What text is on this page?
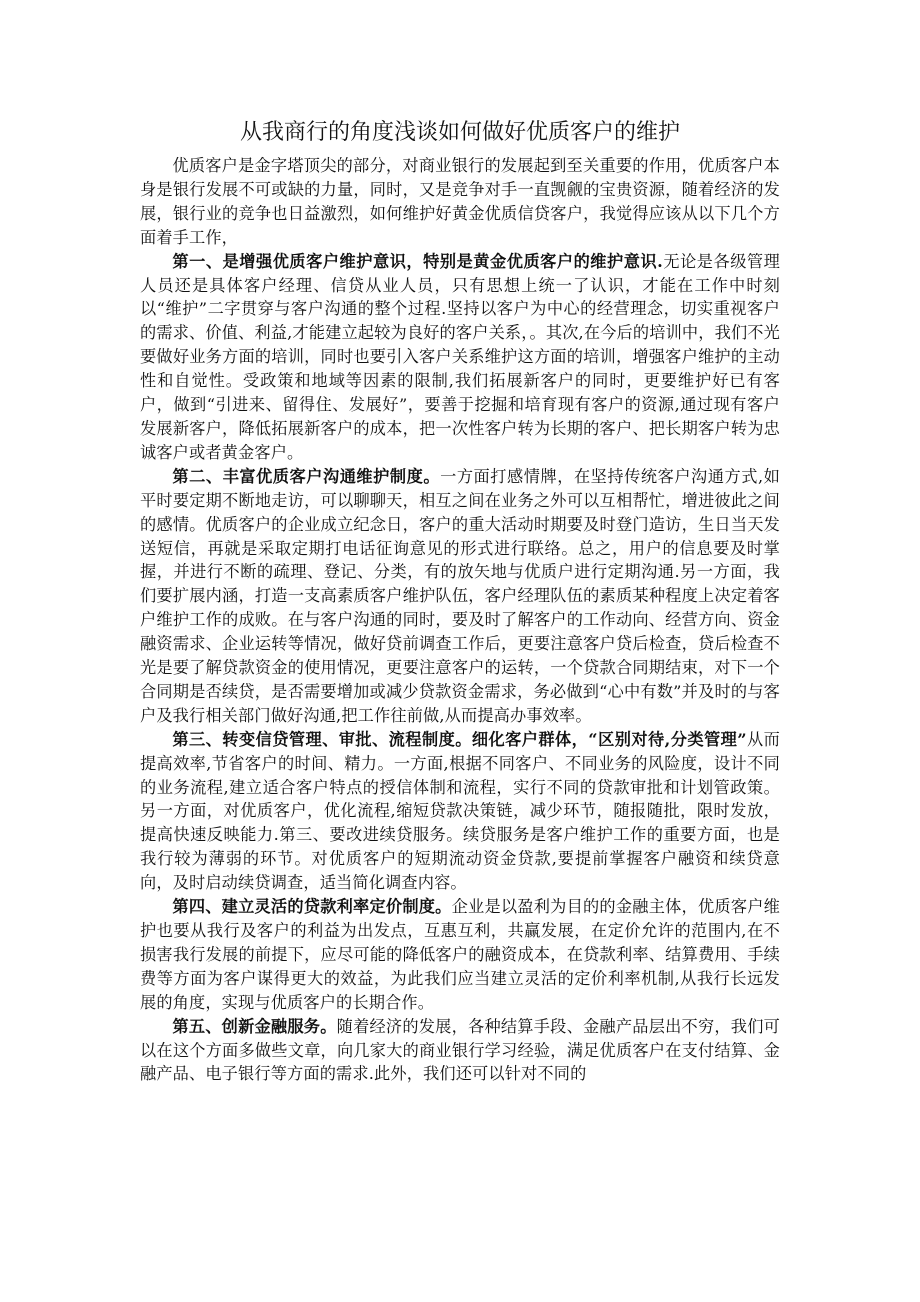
从我商行的角度浅谈如何做好优质客户的维护

优质客户是金字塔顶尖的部分，对商业银行的发展起到至关重要的作用，优质客户本身是银行发展不可或缺的力量，同时，又是竞争对手一直觊觎的宝贵资源，随着经济的发展，银行业的竞争也日益激烈，如何维护好黄金优质信贷客户，我觉得应该从以下几个方面着手工作，

第一、是增强优质客户维护意识，特别是黄金优质客户的维护意识.无论是各级管理人员还是具体客户经理、信贷从业人员，只有思想上统一了认识，才能在工作中时刻以“维护”二字贯穿与客户沟通的整个过程.坚持以客户为中心的经营理念，切实重视客户的需求、价值、利益,才能建立起较为良好的客户关系，。其次,在今后的培训中，我们不光要做好业务方面的培训，同时也要引入客户关系维护这方面的培训，增强客户维护的主动性和自觉性。受政策和地域等因素的限制,我们拓展新客户的同时，更要维护好已有客户，做到“引进来、留得住、发展好”，要善于挖掘和培育现有客户的资源,通过现有客户发展新客户，降低拓展新客户的成本，把一次性客户转为长期的客户、把长期客户转为忠诚客户或者黄金客户。

第二、丰富优质客户沟通维护制度。一方面打感情牌，在坚持传统客户沟通方式,如平时要定期不断地走访，可以聊聊天，相互之间在业务之外可以互相帮忙，增进彼此之间的感情。优质客户的企业成立纪念日，客户的重大活动时期要及时登门造访，生日当天发送短信，再就是采取定期打电话征询意见的形式进行联络。总之，用户的信息要及时掌握，并进行不断的疏理、登记、分类，有的放矢地与优质户进行定期沟通.另一方面，我们要扩展内涵，打造一支高素质客户维护队伍，客户经理队伍的素质某种程度上决定着客户维护工作的成败。在与客户沟通的同时，要及时了解客户的工作动向、经营方向、资金融资需求、企业运转等情况，做好贷前调查工作后，更要注意客户贷后检查，贷后检查不光是要了解贷款资金的使用情况，更要注意客户的运转，一个贷款合同期结束，对下一个合同期是否续贷，是否需要增加或减少贷款资金需求，务必做到“心中有数”并及时的与客户及我行相关部门做好沟通,把工作往前做,从而提高办事效率。

第三、转变信贷管理、审批、流程制度。细化客户群体，“区别对待,分类管理”从而提高效率,节省客户的时间、精力。一方面,根据不同客户、不同业务的风险度，设计不同的业务流程,建立适合客户特点的授信体制和流程，实行不同的贷款审批和计划管政策。另一方面，对优质客户，优化流程,缩短贷款决策链，减少环节，随报随批，限时发放，提高快速反映能力.第三、要改进续贷服务。续贷服务是客户维护工作的重要方面，也是我行较为薄弱的环节。对优质客户的短期流动资金贷款,要提前掌握客户融资和续贷意向，及时启动续贷调查，适当简化调查内容。

第四、建立灵活的贷款利率定价制度。企业是以盈利为目的的金融主体，优质客户维护也要从我行及客户的利益为出发点，互惠互利，共赢发展，在定价允许的范围内,在不损害我行发展的前提下，应尽可能的降低客户的融资成本，在贷款利率、结算费用、手续费等方面为客户谋得更大的效益，为此我们应当建立灵活的定价利率机制,从我行长远发展的角度，实现与优质客户的长期合作。

第五、创新金融服务。随着经济的发展，各种结算手段、金融产品层出不穷，我们可以在这个方面多做些文章，向几家大的商业银行学习经验，满足优质客户在支付结算、金融产品、电子银行等方面的需求.此外，我们还可以针对不同的
